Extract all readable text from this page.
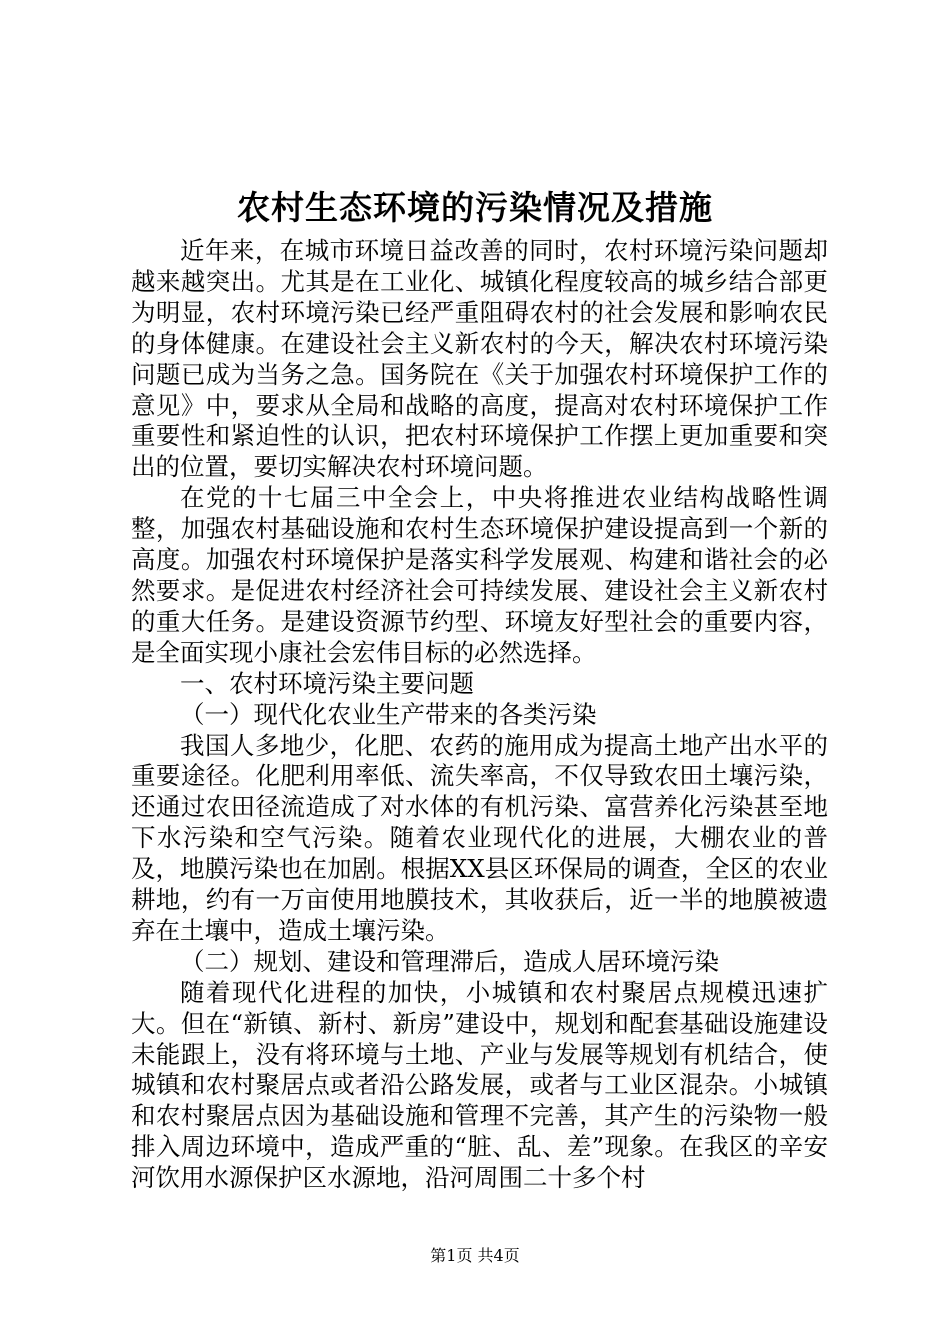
农村生态环境的污染情况及措施

近年来，在城市环境日益改善的同时，农村环境污染问题却越来越突出。尤其是在工业化、城镇化程度较高的城乡结合部更为明显，农村环境污染已经严重阻碍农村的社会发展和影响农民的身体健康。在建设社会主义新农村的今天，解决农村环境污染问题已成为当务之急。国务院在《关于加强农村环境保护工作的意见》中，要求从全局和战略的高度，提高对农村环境保护工作重要性和紧迫性的认识，把农村环境保护工作摆上更加重要和突出的位置，要切实解决农村环境问题。

在党的十七届三中全会上，中央将推进农业结构战略性调整，加强农村基础设施和农村生态环境保护建设提高到一个新的高度。加强农村环境保护是落实科学发展观、构建和谐社会的必然要求。是促进农村经济社会可持续发展、建设社会主义新农村的重大任务。是建设资源节约型、环境友好型社会的重要内容，是全面实现小康社会宏伟目标的必然选择。

一、农村环境污染主要问题

（一）现代化农业生产带来的各类污染

我国人多地少，化肥、农药的施用成为提高土地产出水平的重要途径。化肥利用率低、流失率高，不仅导致农田土壤污染，还通过农田径流造成了对水体的有机污染、富营养化污染甚至地下水污染和空气污染。随着农业现代化的进展，大棚农业的普及，地膜污染也在加剧。根据XX县区环保局的调查，全区的农业耕地，约有一万亩使用地膜技术，其收获后，近一半的地膜被遗弃在土壤中，造成土壤污染。

（二）规划、建设和管理滞后，造成人居环境污染

随着现代化进程的加快，小城镇和农村聚居点规模迅速扩大。但在“新镇、新村、新房”建设中，规划和配套基础设施建设未能跟上，没有将环境与土地、产业与发展等规划有机结合，使城镇和农村聚居点或者沿公路发展，或者与工业区混杂。小城镇和农村聚居点因为基础设施和管理不完善，其产生的污染物一般排入周边环境中，造成严重的“脏、乱、差”现象。在我区的辛安河饮用水源保护区水源地，沿河周围二十多个村

第1页 共4页
